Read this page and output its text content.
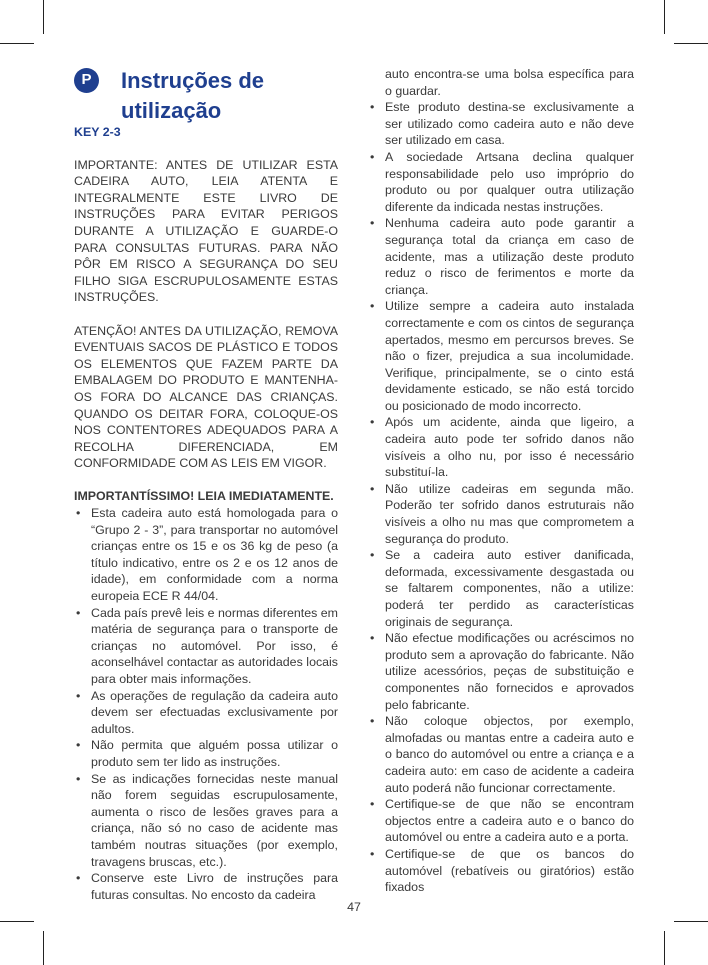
P	Instruções de utilização

KEY 2-3

IMPORTANTE: ANTES DE UTILIZAR ESTA CADEIRA AUTO, LEIA ATENTA E INTEGRALMENTE ESTE LIVRO DE INSTRUÇÕES PARA EVITAR PERIGOS DURANTE A UTILIZAÇÃO E GUARDE-O PARA CONSULTAS FUTURAS. PARA NÃO PÔR EM RISCO A SEGURANÇA DO SEU FILHO SIGA ESCRUPULOSAMENTE ESTAS INSTRUÇÕES.

ATENÇÃO! ANTES DA UTILIZAÇÃO, REMOVA EVENTUAIS SACOS DE PLÁSTICO E TODOS OS ELEMENTOS QUE FAZEM PARTE DA EMBALAGEM DO PRODUTO E MANTENHA-OS FORA DO ALCANCE DAS CRIANÇAS. QUANDO OS DEITAR FORA, COLOQUE-OS NOS CONTENTORES ADEQUADOS PARA A RECOLHA DIFERENCIADA, EM CONFORMIDADE COM AS LEIS EM VIGOR.

IMPORTANTÍSSIMO! LEIA IMEDIATAMENTE.

• Esta cadeira auto está homologada para o “Grupo 2 - 3”, para transportar no automóvel crianças entre os 15 e os 36 kg de peso (a título indicativo, entre os 2 e os 12 anos de idade), em conformidade com a norma europeia ECE R 44/04.
• Cada país prevê leis e normas diferentes em matéria de segurança para o transporte de crianças no automóvel. Por isso, é aconselhável contactar as autoridades locais para obter mais informações.
• As operações de regulação da cadeira auto devem ser efectuadas exclusivamente por adultos.
• Não permita que alguém possa utilizar o produto sem ter lido as instruções.
• Se as indicações fornecidas neste manual não forem seguidas escrupulosamente, aumenta o risco de lesões graves para a criança, não só no caso de acidente mas também noutras situações (por exemplo, travagens bruscas, etc.).
• Conserve este Livro de instruções para futuras consultas. No encosto da cadeira
auto encontra-se uma bolsa específica para o guardar.
• Este produto destina-se exclusivamente a ser utilizado como cadeira auto e não deve ser utilizado em casa.
• A sociedade Artsana declina qualquer responsabilidade pelo uso impróprio do produto ou por qualquer outra utilização diferente da indicada nestas instruções.
• Nenhuma cadeira auto pode garantir a segurança total da criança em caso de acidente, mas a utilização deste produto reduz o risco de ferimentos e morte da criança.
• Utilize sempre a cadeira auto instalada correctamente e com os cintos de segurança apertados, mesmo em percursos breves. Se não o fizer, prejudica a sua incolumidade. Verifique, principalmente, se o cinto está devidamente esticado, se não está torcido ou posicionado de modo incorrecto.
• Após um acidente, ainda que ligeiro, a cadeira auto pode ter sofrido danos não visíveis a olho nu, por isso é necessário substituí-la.
• Não utilize cadeiras em segunda mão. Poderão ter sofrido danos estruturais não visíveis a olho nu mas que comprometem a segurança do produto.
• Se a cadeira auto estiver danificada, deformada, excessivamente desgastada ou se faltarem componentes, não a utilize: poderá ter perdido as características originais de segurança.
• Não efectue modificações ou acréscimos no produto sem a aprovação do fabricante. Não utilize acessórios, peças de substituição e componentes não fornecidos e aprovados pelo fabricante.
• Não coloque objectos, por exemplo, almofadas ou mantas entre a cadeira auto e o banco do automóvel ou entre a criança e a cadeira auto: em caso de acidente a cadeira auto poderá não funcionar correctamente.
• Certifique-se de que não se encontram objectos entre a cadeira auto e o banco do automóvel ou entre a cadeira auto e a porta.
• Certifique-se de que os bancos do automóvel (rebatíveis ou giratórios) estão fixados
47
